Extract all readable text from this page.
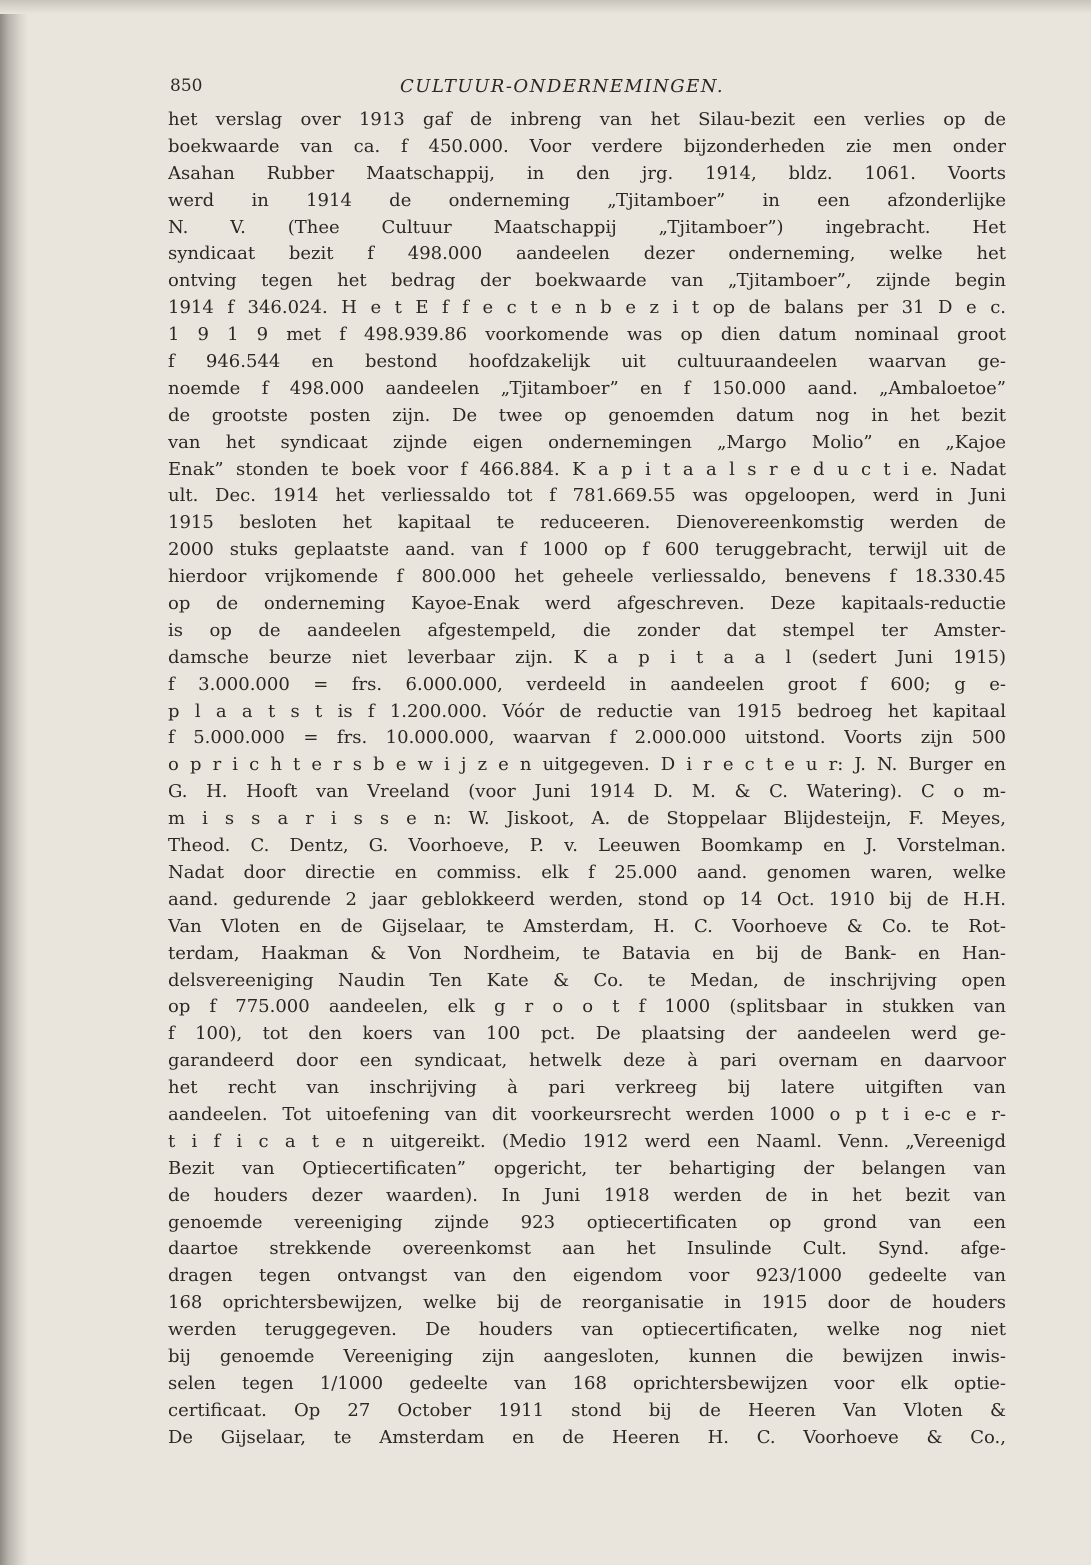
850	CULTUUR-ONDERNEMINGEN.
het verslag over 1913 gaf de inbreng van het Silau-bezit een verlies op de
boekwaarde van ca. f 450.000. Voor verdere bijzonderheden zie men onder
Asahan Rubber Maatschappij, in den jrg. 1914, bldz. 1061. Voorts
werd in 1914 de onderneming „Tjitamboer” in een afzonderlijke
N. V. (Thee Cultuur Maatschappij „Tjitamboer”) ingebracht. Het
syndicaat bezit f 498.000 aandeelen dezer onderneming, welke het
ontving tegen het bedrag der boekwaarde van „Tjitamboer”, zijnde begin
1914 f 346.024. H e t E f f e c t e n b e z i t op de balans per 31 D e c.
1 9 1 9 met f 498.939.86 voorkomende was op dien datum nominaal groot
f 946.544 en bestond hoofdzakelijk uit cultuuraandeelen waarvan ge-
noemde f 498.000 aandeelen „Tjitamboer” en f 150.000 aand. „Ambaloetoe”
de grootste posten zijn. De twee op genoemden datum nog in het bezit
van het syndicaat zijnde eigen ondernemingen „Margo Molio” en „Kajoe
Enak” stonden te boek voor f 466.884. K a p i t a a l s r e d u c t i e. Nadat
ult. Dec. 1914 het verliessaldo tot f 781.669.55 was opgeloopen, werd in Juni
1915 besloten het kapitaal te reduceeren. Dienovereenkomstig werden de
2000 stuks geplaatste aand. van f 1000 op f 600 teruggebracht, terwijl uit de
hierdoor vrijkomende f 800.000 het geheele verliessaldo, benevens f 18.330.45
op de onderneming Kayoe-Enak werd afgeschreven. Deze kapitaals-reductie
is op de aandeelen afgestempeld, die zonder dat stempel ter Amster-
damsche beurze niet leverbaar zijn. K a p i t a a l (sedert Juni 1915)
f 3.000.000 = frs. 6.000.000, verdeeld in aandeelen groot f 600; g e-
p l a a t s t is f 1.200.000. Vóór de reductie van 1915 bedroeg het kapitaal
f 5.000.000 = frs. 10.000.000, waarvan f 2.000.000 uitstond. Voorts zijn 500
o p r i c h t e r s b e w i j z e n uitgegeven. D i r e c t e u r: J. N. Burger en
G. H. Hooft van Vreeland (voor Juni 1914 D. M. & C. Watering). C o m-
m i s s a r i s s e n: W. Jiskoot, A. de Stoppelaar Blijdesteijn, F. Meyes,
Theod. C. Dentz, G. Voorhoeve, P. v. Leeuwen Boomkamp en J. Vorstelman.
Nadat door directie en commiss. elk f 25.000 aand. genomen waren, welke
aand. gedurende 2 jaar geblokkeerd werden, stond op 14 Oct. 1910 bij de H.H.
Van Vloten en de Gijselaar, te Amsterdam, H. C. Voorhoeve & Co. te Rot-
terdam, Haakman & Von Nordheim, te Batavia en bij de Bank- en Han-
delsvereeniging Naudin Ten Kate & Co. te Medan, de inschrijving open
op f 775.000 aandeelen, elk g r o o t f 1000 (splitsbaar in stukken van
f 100), tot den koers van 100 pct. De plaatsing der aandeelen werd ge-
garandeerd door een syndicaat, hetwelk deze à pari overnam en daarvoor
het recht van inschrijving à pari verkreeg bij latere uitgiften van
aandeelen. Tot uitoefening van dit voorkeursrecht werden 1000 o p t i e-c e r-
t i f i c a t e n uitgereikt. (Medio 1912 werd een Naaml. Venn. „Vereenigd
Bezit van Optiecertificaten” opgericht, ter behartiging der belangen van
de houders dezer waarden). In Juni 1918 werden de in het bezit van
genoemde vereeniging zijnde 923 optiecertificaten op grond van een
daartoe strekkende overeenkomst aan het Insulinde Cult. Synd. afge-
dragen tegen ontvangst van den eigendom voor 923/1000 gedeelte van
168 oprichtersbewijzen, welke bij de reorganisatie in 1915 door de houders
werden teruggegeven. De houders van optiecertificaten, welke nog niet
bij genoemde Vereeniging zijn aangesloten, kunnen die bewijzen inwis-
selen tegen 1/1000 gedeelte van 168 oprichtersbewijzen voor elk optie-
certificaat. Op 27 October 1911 stond bij de Heeren Van Vloten &
De Gijselaar, te Amsterdam en de Heeren H. C. Voorhoeve & Co.,
